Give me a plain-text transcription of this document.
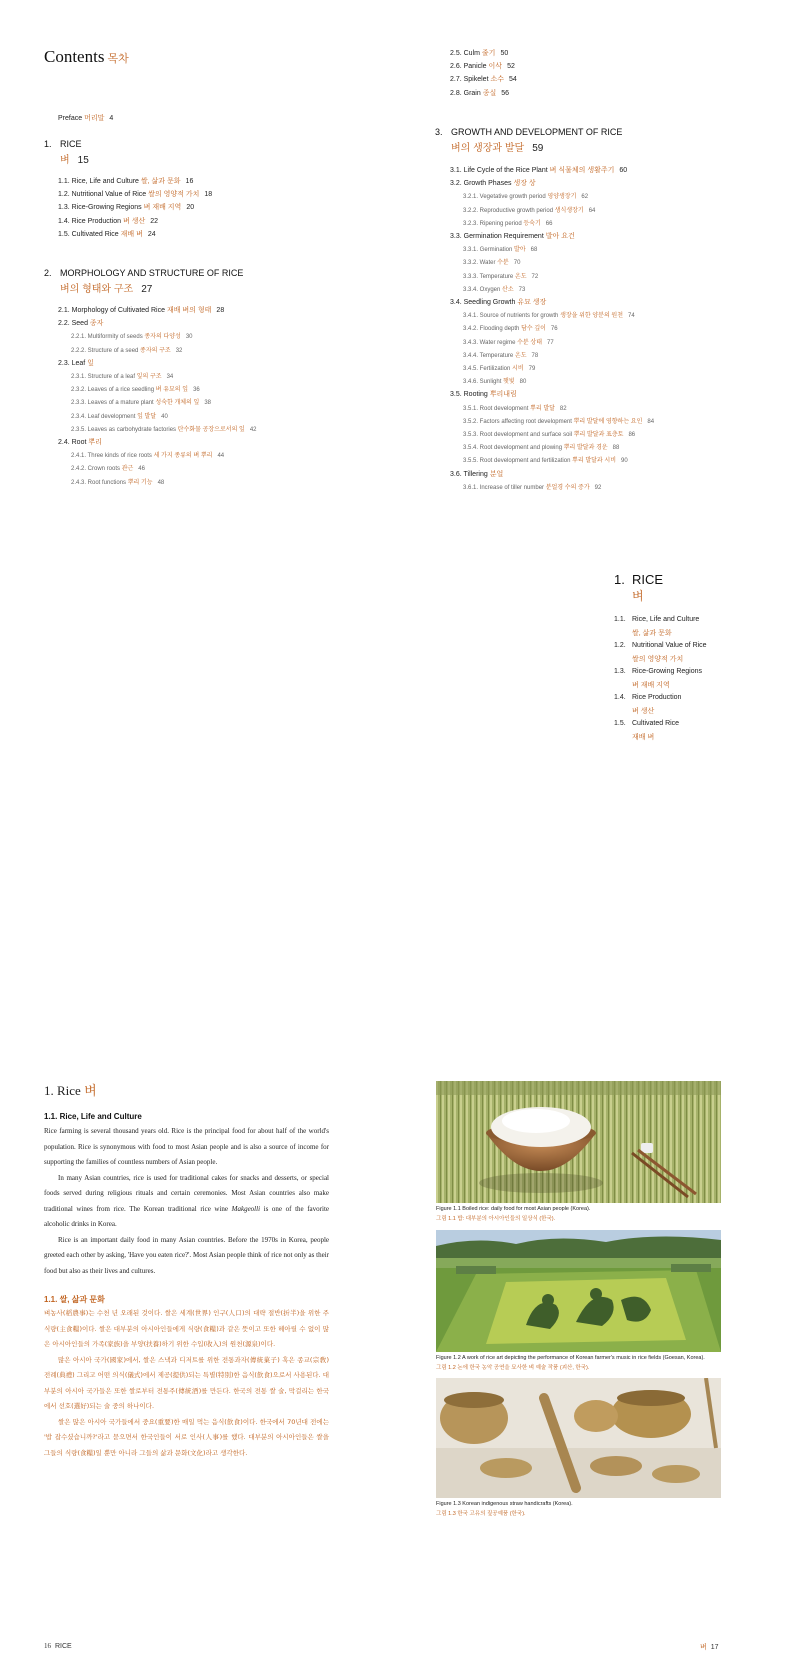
Contents 목차
Preface 머리말 4
1. RICE
벼 15
1.1. Rice, Life and Culture 쌀, 삶과 문화 16
1.2. Nutritional Value of Rice 쌀의 영양적 가치 18
1.3. Rice-Growing Regions 벼 재배 지역 20
1.4. Rice Production 벼 생산 22
1.5. Cultivated Rice 재배 벼 24
2. MORPHOLOGY AND STRUCTURE OF RICE
벼의 형태와 구조 27
2.1. Morphology of Cultivated Rice 재배 벼의 형태 28
2.2. Seed 종자
2.2.1. Multiformity of seeds 종자의 다양성 30
2.2.2. Structure of a seed 종자의 구조 32
2.3. Leaf 잎
2.3.1. Structure of a leaf 잎의 구조 34
2.3.2. Leaves of a rice seedling 벼 유묘의 잎 36
2.3.3. Leaves of a mature plant 성숙한 개체의 잎 38
2.3.4. Leaf development 잎 발달 40
2.3.5. Leaves as carbohydrate factories 탄수화물 공장으로서의 잎 42
2.4. Root 뿌리
2.4.1. Three kinds of rice roots 세 가지 종류의 벼 뿌리 44
2.4.2. Crown roots 관근 46
2.4.3. Root functions 뿌리 기능 48
2.5. Culm 줄기 50
2.6. Panicle 이삭 52
2.7. Spikelet 소수 54
2.8. Grain 종실 56
3. GROWTH AND DEVELOPMENT OF RICE
벼의 생장과 발달 59
3.1. Life Cycle of the Rice Plant 벼 식물체의 생활주기 60
3.2. Growth Phases 생장 상
3.2.1. Vegetative growth period 영양생장기 62
3.2.2. Reproductive growth period 생식생장기 64
3.2.3. Ripening period 등숙기 66
3.3. Germination Requirement 발아 요건
3.3.1. Germination 발아 68
3.3.2. Water 수분 70
3.3.3. Temperature 온도 72
3.3.4. Oxygen 산소 73
3.4. Seedling Growth 유묘 생장
3.4.1. Source of nutrients for growth 생장을 위한 양분의 원천 74
3.4.2. Flooding depth 담수 깊이 76
3.4.3. Water regime 수분 상태 77
3.4.4. Temperature 온도 78
3.4.5. Fertilization 시비 79
3.4.6. Sunlight 햇빛 80
3.5. Rooting 뿌리내림
3.5.1. Root development 뿌리 발달 82
3.5.2. Factors affecting root development 뿌리 발달에 영향하는 요인 84
3.5.3. Root development and surface soil 뿌리 발달과 표층토 86
3.5.4. Root development and plowing 뿌리 발달과 경운 88
3.5.5. Root development and fertilization 뿌리 발달과 시비 90
3.6. Tillering 분얼
3.6.1. Increase of tiller number 분얼경 수의 증가 92
1. RICE
벼
1.1. Rice, Life and Culture
쌀, 삶과 문화
1.2. Nutritional Value of Rice
쌀의 영양적 가치
1.3. Rice-Growing Regions
벼 재배 지역
1.4. Rice Production
벼 생산
1.5. Cultivated Rice
재배 벼
1. Rice 벼
1.1. Rice, Life and Culture

Rice farming is several thousand years old. Rice is the principal food for about half of the world's population. Rice is synonymous with food to most Asian people and is also a source of income for supporting the families of countless numbers of Asian people.

In many Asian countries, rice is used for traditional cakes for snacks and desserts, or special foods served during religious rituals and certain ceremonies. Most Asian countries also make traditional wines from rice. The Korean traditional rice wine Makgeolli is one of the favorite alcoholic drinks in Korea.

Rice is an important daily food in many Asian countries. Before the 1970s in Korea, people greeted each other by asking, 'Have you eaten rice?'. Most Asian people think of rice not only as their food but also as their lives and cultures.

1.1. 쌀, 삶과 문화

벼농사(稻農事)는 수천 년 오래된 것이다. 쌀은 세계(世界) 인구(人口)의 대략 절반(折半)을 위한 주식량(主食糧)이다. 쌀은 대부분의 아시아인들에게 식량(食糧)과 같은 뜻이고 또한 헤아릴 수 없이 많은 아시아인들의 가족(家族)을 부양(扶養)하기 위한 수입(收入)의 원천(源泉)이다.

많은 아시아 국가(國家)에서, 쌀은 스낵과 디저트를 위한 전통과자(傳統菓子) 혹은 종교(宗敎) 전례(典禮) 그리고 어떤 의식(儀式)에서 제공(提供)되는 특별(特別)한 음식(飮食)으로서 사용된다. 대부분의 아시아 국가들은 또한 쌀로부터 전통주(傳統酒)를 만든다. 한국의 전통 쌀 술, 막걸리는 한국에서 선호(選好)되는 술 중의 하나이다.

쌀은 많은 아시아 국가들에서 중요(重要)한 매일 먹는 음식(飮食)이다. 한국에서 70년대 전에는 '밥 잡수셨습니까?'라고 묻으면서 한국인들이 서로 인사(人事)를 했다. 대부분의 아시아인들은 쌀을 그들의 식량(食糧)일 뿐만 아니라 그들의 삶과 문화(文化)라고 생각한다.

Figure 1.1 Boiled rice: daily food for most Asian people (Korea).
그림 1.1 밥: 대부분의 아시아인들의 일상식 (한국).
Figure 1.2 A work of rice art depicting the performance of Korean farmer's music in rice fields (Goesan, Korea).
그림 1.2 논에 한국 농악 공연을 묘사한 벼 예술 작품 (괴산, 한국).
Figure 1.3 Korean indigenous straw handicrafts (Korea).
그림 1.3 한국 고유의 짚공예품 (한국).
16 RICE	벼 17
